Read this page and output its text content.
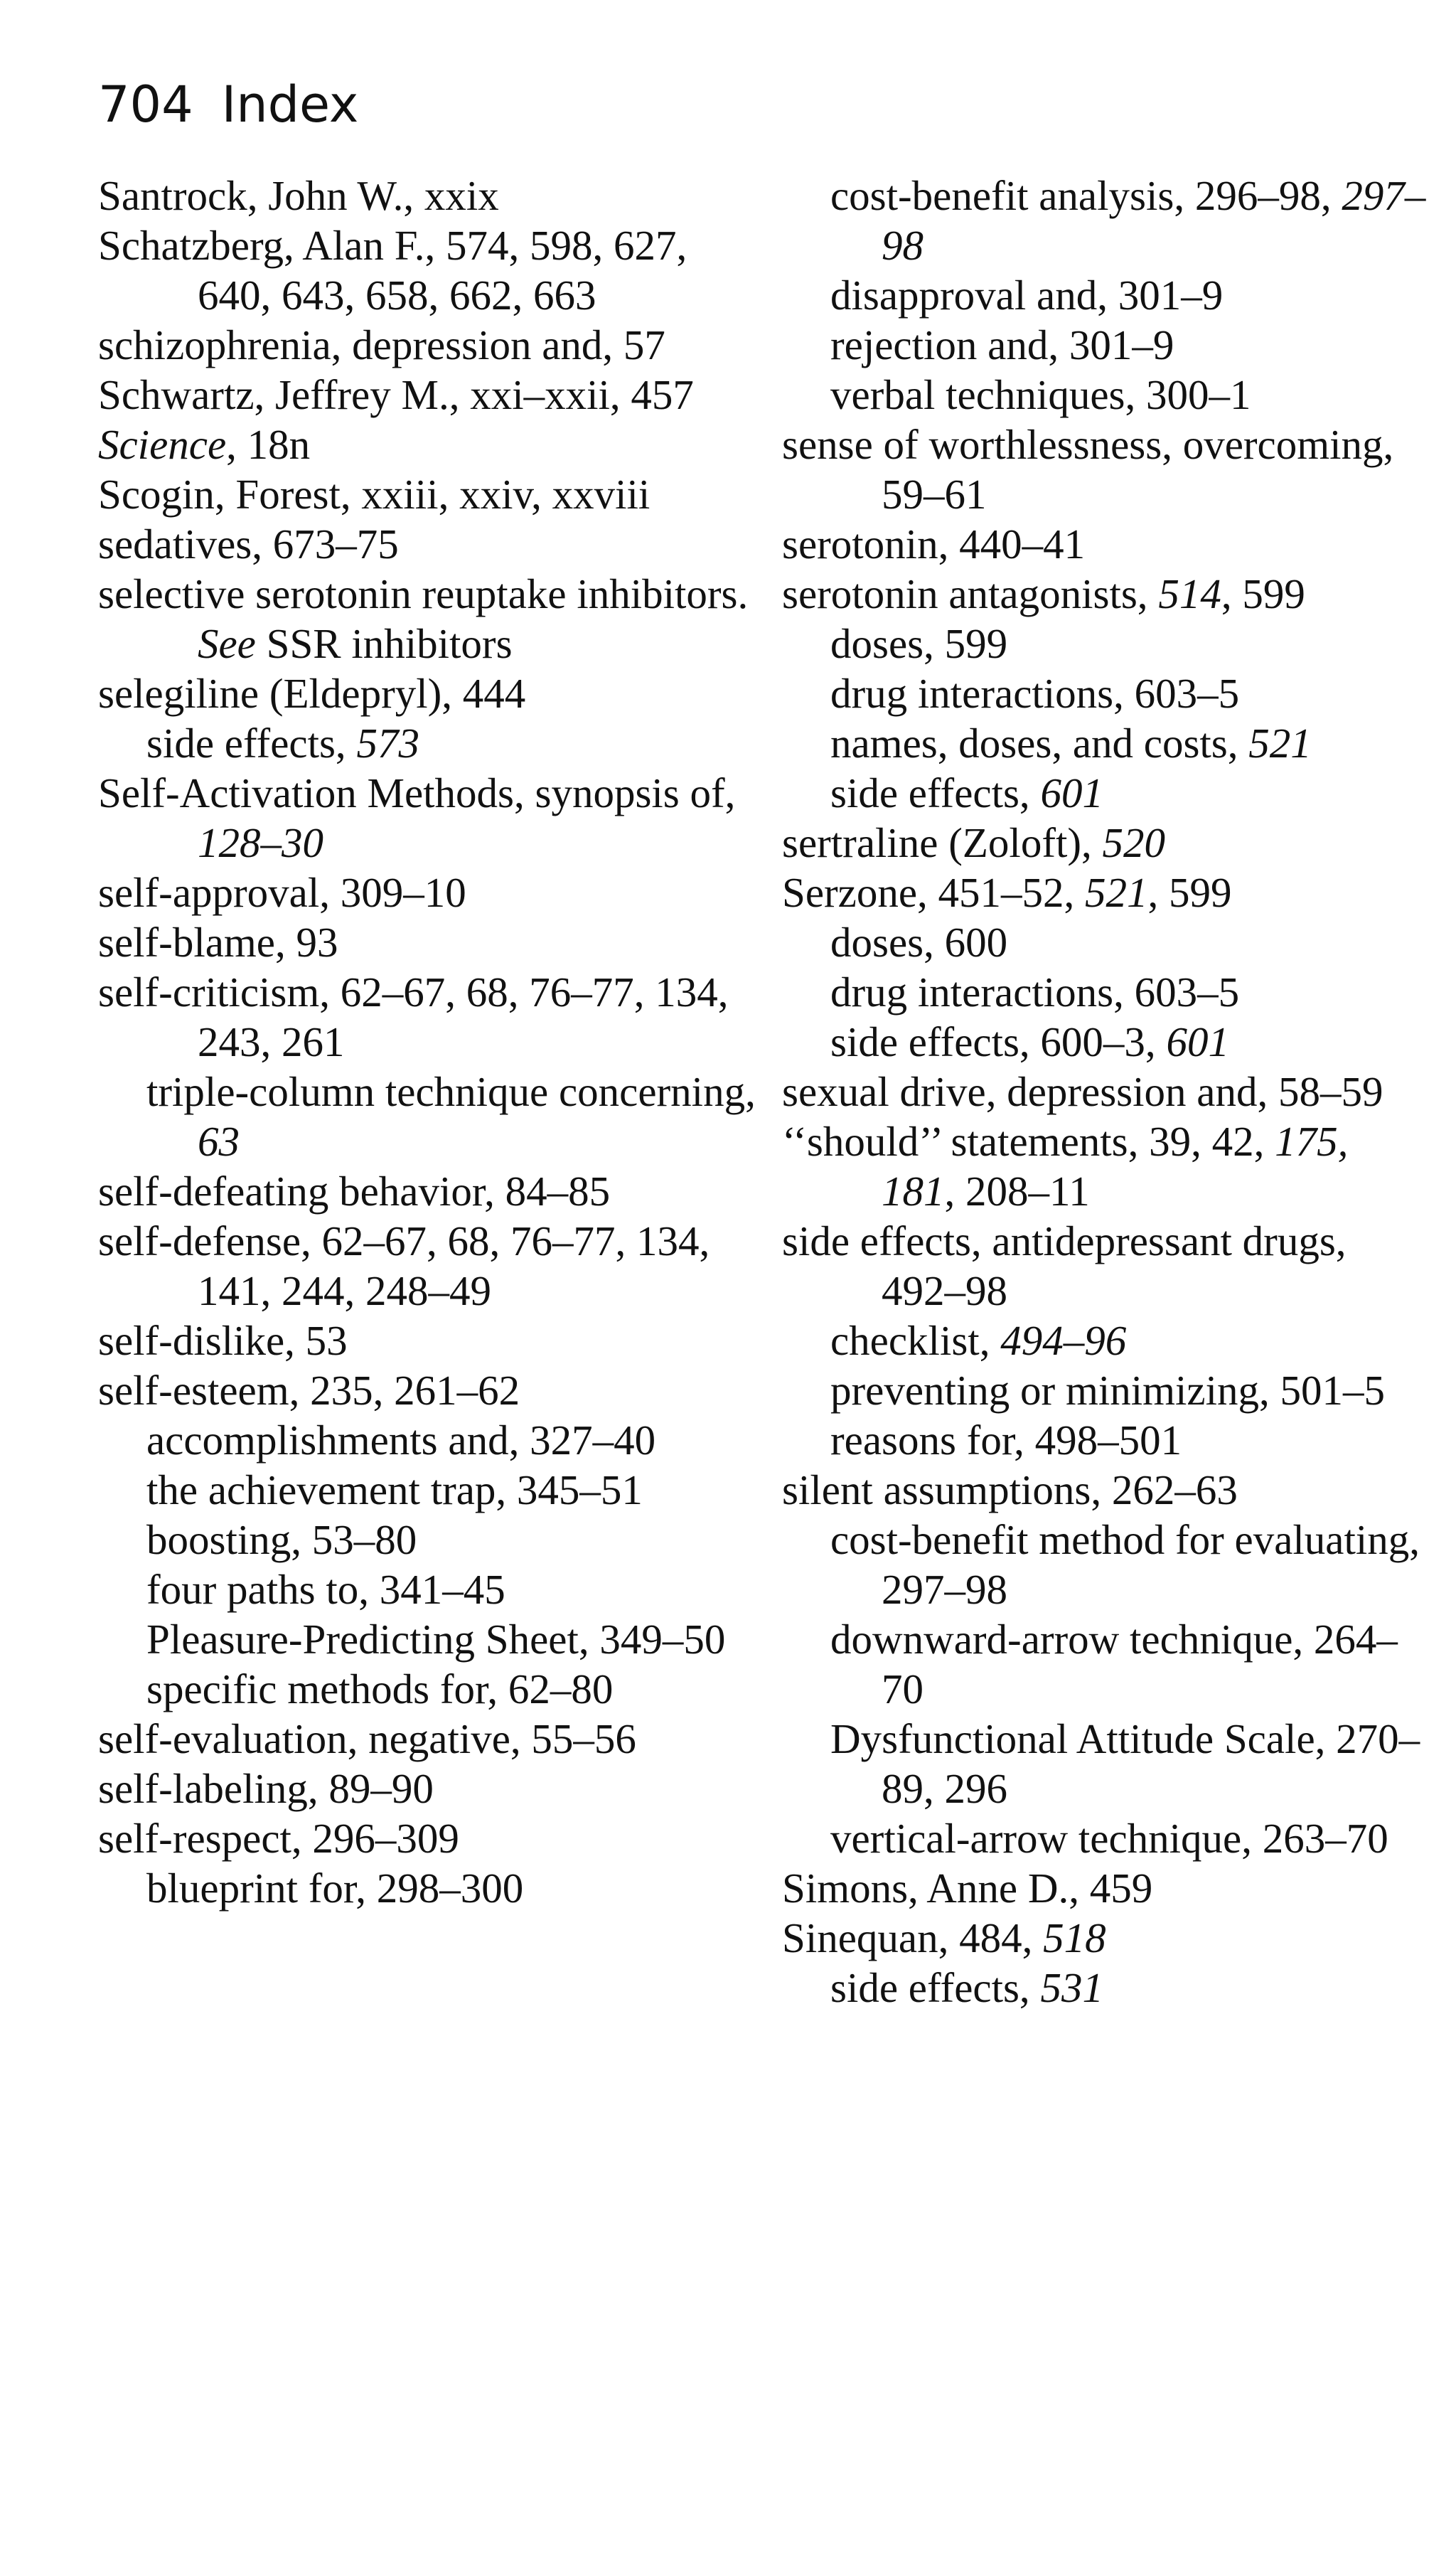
704 Index
Santrock, John W., xxix
Schatzberg, Alan F., 574, 598, 627, 640, 643, 658, 662, 663
schizophrenia, depression and, 57
Schwartz, Jeffrey M., xxi–xxii, 457
Science, 18n
Scogin, Forest, xxiii, xxiv, xxviii
sedatives, 673–75
selective serotonin reuptake inhibitors. See SSR inhibitors
selegiline (Eldepryl), 444
side effects, 573
Self-Activation Methods, synopsis of, 128–30
self-approval, 309–10
self-blame, 93
self-criticism, 62–67, 68, 76–77, 134, 243, 261
triple-column technique concerning, 63
self-defeating behavior, 84–85
self-defense, 62–67, 68, 76–77, 134, 141, 244, 248–49
self-dislike, 53
self-esteem, 235, 261–62
accomplishments and, 327–40
the achievement trap, 345–51
boosting, 53–80
four paths to, 341–45
Pleasure-Predicting Sheet, 349–50
specific methods for, 62–80
self-evaluation, negative, 55–56
self-labeling, 89–90
self-respect, 296–309
blueprint for, 298–300
cost-benefit analysis, 296–98, 297–98
disapproval and, 301–9
rejection and, 301–9
verbal techniques, 300–1
sense of worthlessness, overcoming, 59–61
serotonin, 440–41
serotonin antagonists, 514, 599
doses, 599
drug interactions, 603–5
names, doses, and costs, 521
side effects, 601
sertraline (Zoloft), 520
Serzone, 451–52, 521, 599
doses, 600
drug interactions, 603–5
side effects, 600–3, 601
sexual drive, depression and, 58–59
‘‘should’’ statements, 39, 42, 175, 181, 208–11
side effects, antidepressant drugs, 492–98
checklist, 494–96
preventing or minimizing, 501–5
reasons for, 498–501
silent assumptions, 262–63
cost-benefit method for evaluating, 297–98
downward-arrow technique, 264–70
Dysfunctional Attitude Scale, 270–89, 296
vertical-arrow technique, 263–70
Simons, Anne D., 459
Sinequan, 484, 518
side effects, 531
